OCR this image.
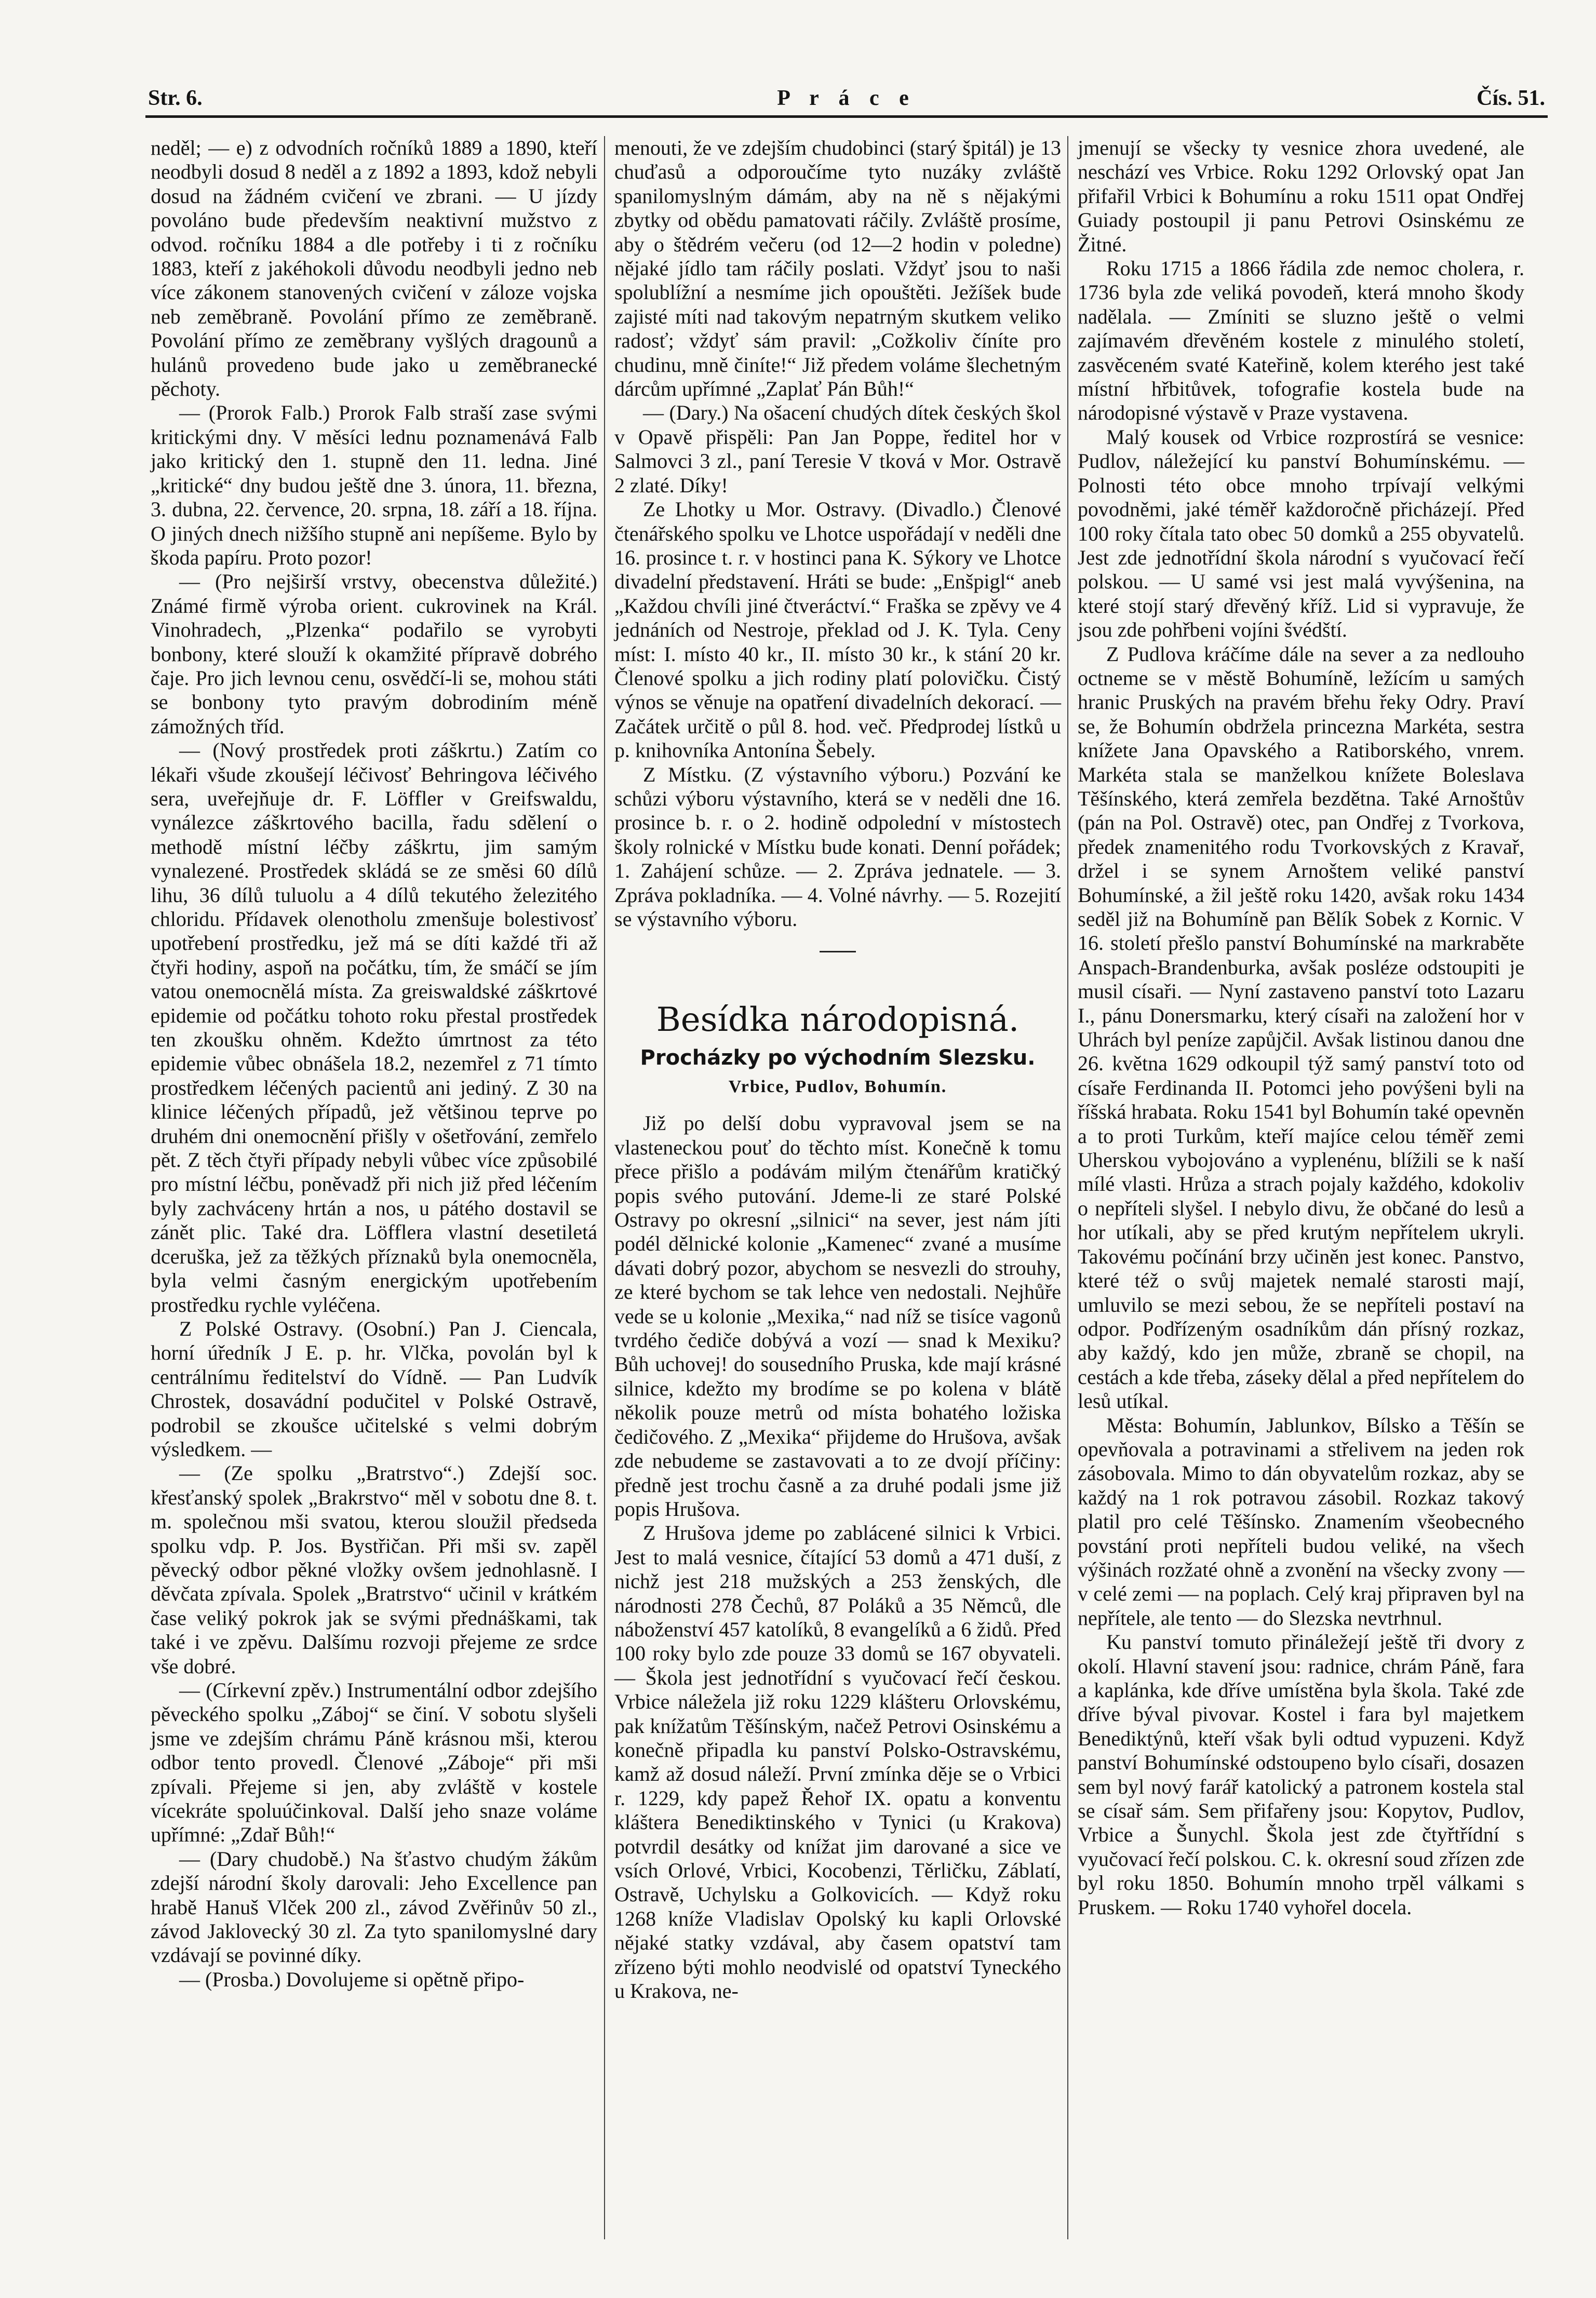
Str. 6.	P r á c e	Čís. 51.

neděl; — e) z odvodních ročníků 1889 a 1890, kteří neodbyli dosud 8 neděl a z 1892 a 1893, kdož nebyli dosud na žádném cvičení ve zbrani. — U jízdy povoláno bude především neaktivní mužstvo z odvod. ročníku 1884 a dle potřeby i ti z ročníku 1883, kteří z jakéhokoli důvodu neodbyli jedno neb více zákonem stanovených cvičení v záloze vojska neb zeměbraně. Povolání přímo ze zeměbraně. Povolání přímo ze zeměbrany vyšlých dragounů a hulánů provedeno bude jako u zeměbranecké pěchoty.

— (Prorok Falb.) Prorok Falb straší zase svými kritickými dny. V měsíci lednu poznamenává Falb jako kritický den 1. stupně den 11. ledna. Jiné „kritické“ dny budou ještě dne 3. února, 11. března, 3. dubna, 22. července, 20. srpna, 18. září a 18. října. O jiných dnech nižšího stupně ani nepíšeme. Bylo by škoda papíru. Proto pozor!

— (Pro nejširší vrstvy, obecenstva důležité.) Známé firmě výroba orient. cukrovinek na Král. Vinohradech, „Plzenka“ podařilo se vyrobyti bonbony, které slouží k okamžité přípravě dobrého čaje. Pro jich levnou cenu, osvědčí-li se, mohou státi se bonbony tyto pravým dobrodiním méně zámožných tříd.

— (Nový prostředek proti záškrtu.) Zatím co lékaři všude zkoušejí léčivosť Behringova léčivého sera, uveřejňuje dr. F. Löffler v Greifswaldu, vynálezce záškrtového bacilla, řadu sdělení o methodě místní léčby záškrtu, jim samým vynalezené. Prostředek skládá se ze směsi 60 dílů lihu, 36 dílů tuluolu a 4 dílů tekutého železitého chloridu. Přídavek olenotholu zmenšuje bolestivosť upotřebení prostředku, jež má se díti každé tři až čtyři hodiny, aspoň na počátku, tím, že smáčí se jím vatou onemocnělá místa. Za greiswaldské záškrtové epidemie od počátku tohoto roku přestal prostředek ten zkoušku ohněm. Kdežto úmrtnost za této epidemie vůbec obnášela 18.2, nezemřel z 71 tímto prostředkem léčených pacientů ani jediný. Z 30 na klinice léčených případů, jež většinou teprve po druhém dni onemocnění přišly v ošetřování, zemřelo pět. Z těch čtyři případy nebyli vůbec více způsobilé pro místní léčbu, poněvadž při nich již před léčením byly zachváceny hrtán a nos, u pátého dostavil se zánět plic. Také dra. Löfflera vlastní desetiletá dceruška, jež za těžkých příznaků byla onemocněla, byla velmi časným energickým upotřebením prostředku rychle vyléčena.

Z Polské Ostravy. (Osobní.) Pan J. Ciencala, horní úředník J E. p. hr. Vlčka, povolán byl k centrálnímu ředitelství do Vídně. — Pan Ludvík Chrostek, dosavádní podučitel v Polské Ostravě, podrobil se zkoušce učitelské s velmi dobrým výsledkem. —

— (Ze spolku „Bratrstvo“.) Zdejší soc. křesťanský spolek „Brakrstvo“ měl v sobotu dne 8. t. m. společnou mši svatou, kterou sloužil předseda spolku vdp. P. Jos. Bystřičan. Při mši sv. zapěl pěvecký odbor pěkné vložky ovšem jednohlasně. I děvčata zpívala. Spolek „Bratrstvo“ učinil v krátkém čase veliký pokrok jak se svými přednáškami, tak také i ve zpěvu. Dalšímu rozvoji přejeme ze srdce vše dobré.

— (Církevní zpěv.) Instrumentální odbor zdejšího pěveckého spolku „Záboj“ se činí. V sobotu slyšeli jsme ve zdejším chrámu Páně krásnou mši, kterou odbor tento provedl. Členové „Záboje“ při mši zpívali. Přejeme si jen, aby zvláště v kostele vícekráte spoluúčinkoval. Další jeho snaze voláme upřímné: „Zdař Bůh!“

— (Dary chudobě.) Na šťastvo chudým žákům zdejší národní školy darovali: Jeho Excellence pan hrabě Hanuš Vlček 200 zl., závod Zvěřinův 50 zl., závod Jaklovecký 30 zl. Za tyto spanilomyslné dary vzdávají se povinné díky.

— (Prosba.) Dovolujeme si opětně připo-

menouti, že ve zdejším chudobinci (starý špitál) je 13 chuďasů a odporoučíme tyto nuzáky zvláště spanilomyslným dámám, aby na ně s nějakými zbytky od obědu pamatovati ráčily. Zvláště prosíme, aby o štědrém večeru (od 12—2 hodin v poledne) nějaké jídlo tam ráčily poslati. Vždyť jsou to naši spolublížní a nesmíme jich opouštěti. Ježíšek bude zajisté míti nad takovým nepatrným skutkem veliko radosť; vždyť sám pravil: „Cožkoliv číníte pro chudinu, mně činíte!“ Již předem voláme šlechetným dárcům upřímné „Zaplať Pán Bůh!“

— (Dary.) Na ošacení chudých dítek českých škol v Opavě přispěli: Pan Jan Poppe, ředitel hor v Salmovci 3 zl., paní Teresie V tková v Mor. Ostravě 2 zlaté. Díky!

Ze Lhotky u Mor. Ostravy. (Divadlo.) Členové čtenářského spolku ve Lhotce uspořádají v neděli dne 16. prosince t. r. v hostinci pana K. Sýkory ve Lhotce divadelní představení. Hráti se bude: „Enšpigl“ aneb „Každou chvíli jiné čtveráctví.“ Fraška se zpěvy ve 4 jednáních od Nestroje, překlad od J. K. Tyla. Ceny míst: I. místo 40 kr., II. místo 30 kr., k stání 20 kr. Členové spolku a jich rodiny platí polovičku. Čistý výnos se věnuje na opatření divadelních dekorací. — Začátek určitě o půl 8. hod. več. Předprodej lístků u p. knihovníka Antonína Šebely.

Z Místku. (Z výstavního výboru.) Pozvání ke schůzi výboru výstavního, která se v neděli dne 16. prosince b. r. o 2. hodině odpolední v místostech školy rolnické v Místku bude konati. Denní pořádek; 1. Zahájení schůze. — 2. Zpráva jednatele. — 3. Zpráva pokladníka. — 4. Volné návrhy. — 5. Rozejití se výstavního výboru.

Besídka národopisná.
Procházky po východním Slezsku.
Vrbice, Pudlov, Bohumín.

Již po delší dobu vypravoval jsem se na vlasteneckou pouť do těchto míst. Konečně k tomu přece přišlo a podávám milým čtenářům kratičký popis svého putování. Jdeme-li ze staré Polské Ostravy po okresní „silnici“ na sever, jest nám jíti podél dělnické kolonie „Kamenec“ zvané a musíme dávati dobrý pozor, abychom se nesvezli do strouhy, ze které bychom se tak lehce ven nedostali. Nejhůře vede se u kolonie „Mexika,“ nad níž se tisíce vagonů tvrdého čediče dobývá a vozí — snad k Mexiku? Bůh uchovej! do sousedního Pruska, kde mají krásné silnice, kdežto my brodíme se po kolena v blátě několik pouze metrů od místa bohatého ložiska čedičového. Z „Mexika“ přijdeme do Hrušova, avšak zde nebudeme se zastavovati a to ze dvojí příčiny: předně jest trochu časně a za druhé podali jsme již popis Hrušova.

Z Hrušova jdeme po zablácené silnici k Vrbici. Jest to malá vesnice, čítající 53 domů a 471 duší, z nichž jest 218 mužských a 253 ženských, dle národnosti 278 Čechů, 87 Poláků a 35 Němců, dle náboženství 457 katolíků, 8 evangelíků a 6 židů. Před 100 roky bylo zde pouze 33 domů se 167 obyvateli. — Škola jest jednotřídní s vyučovací řečí českou. Vrbice náležela již roku 1229 klášteru Orlovskému, pak knížatům Těšínským, načež Petrovi Osinskému a konečně připadla ku panství Polsko-Ostravskému, kamž až dosud náleží. První zmínka děje se o Vrbici r. 1229, kdy papež Řehoř IX. opatu a konventu kláštera Benediktinského v Tynici (u Krakova) potvrdil desátky od knížat jim darované a sice ve vsích Orlové, Vrbici, Kocobenzi, Těrličku, Záblatí, Ostravě, Uchylsku a Golkovicích. — Když roku 1268 kníže Vladislav Opolský ku kapli Orlovské nějaké statky vzdával, aby časem opatství tam zřízeno býti mohlo neodvislé od opatství Tyneckého u Krakova, ne-

jmenují se všecky ty vesnice zhora uvedené, ale neschází ves Vrbice. Roku 1292 Orlovský opat Jan přifařil Vrbici k Bohumínu a roku 1511 opat Ondřej Guiady postoupil ji panu Petrovi Osinskému ze Žitné.

Roku 1715 a 1866 řádila zde nemoc cholera, r. 1736 byla zde veliká povodeň, která mnoho škody nadělala. — Zmíniti se sluzno ještě o velmi zajímavém dřevěném kostele z minulého století, zasvěceném svaté Kateřině, kolem kterého jest také místní hřbitůvek, tofografie kostela bude na národopisné výstavě v Praze vystavena.

Malý kousek od Vrbice rozprostírá se vesnice: Pudlov, náležející ku panství Bohumínskému. — Polnosti této obce mnoho trpívají velkými povodněmi, jaké téměř každoročně přicházejí. Před 100 roky čítala tato obec 50 domků a 255 obyvatelů. Jest zde jednotřídní škola národní s vyučovací řečí polskou. — U samé vsi jest malá vyvýšenina, na které stojí starý dřevěný kříž. Lid si vypravuje, že jsou zde pohřbeni vojíni švédští.

Z Pudlova kráčíme dále na sever a za nedlouho octneme se v městě Bohumíně, ležícím u samých hranic Pruských na pravém břehu řeky Odry. Praví se, že Bohumín obdržela princezna Markéta, sestra knížete Jana Opavského a Ratiborského, vnrem. Markéta stala se manželkou knížete Boleslava Těšínského, která zemřela bezdětna. Také Arnoštův (pán na Pol. Ostravě) otec, pan Ondřej z Tvorkova, předek znamenitého rodu Tvorkovských z Kravař, držel i se synem Arnoštem veliké panství Bohumínské, a žil ještě roku 1420, avšak roku 1434 seděl již na Bohumíně pan Bělík Sobek z Kornic. V 16. století přešlo panství Bohumínské na markraběte Anspach-Brandenburka, avšak posléze odstoupiti je musil císaři. — Nyní zastaveno panství toto Lazaru I., pánu Donersmarku, který císaři na založení hor v Uhrách byl peníze zapůjčil. Avšak listinou danou dne 26. května 1629 odkoupil týž samý panství toto od císaře Ferdinanda II. Potomci jeho povýšeni byli na říšská hrabata. Roku 1541 byl Bohumín také opevněn a to proti Turkům, kteří majíce celou téměř zemi Uherskou vybojováno a vyplenénu, blížili se k naší mílé vlasti. Hrůza a strach pojaly každého, kdokoliv o nepříteli slyšel. I nebylo divu, že občané do lesů a hor utíkali, aby se před krutým nepřítelem ukryli. Takovému počínání brzy učiněn jest konec. Panstvo, které též o svůj majetek nemalé starosti mají, umluvilo se mezi sebou, že se nepříteli postaví na odpor. Podřízeným osadníkům dán přísný rozkaz, aby každý, kdo jen může, zbraně se chopil, na cestách a kde třeba, záseky dělal a před nepřítelem do lesů utíkal.

Města: Bohumín, Jablunkov, Bílsko a Těšín se opevňovala a potravinami a střelivem na jeden rok zásobovala. Mimo to dán obyvatelům rozkaz, aby se každý na 1 rok potravou zásobil. Rozkaz takový platil pro celé Těšínsko. Znamením všeobecného povstání proti nepříteli budou veliké, na všech výšinách rozžaté ohně a zvonění na všecky zvony — v celé zemi — na poplach. Celý kraj připraven byl na nepřítele, ale tento — do Slezska nevtrhnul.

Ku panství tomuto přináležejí ještě tři dvory z okolí. Hlavní stavení jsou: radnice, chrám Páně, fara a kaplánka, kde dříve umístěna byla škola. Také zde dříve býval pivovar. Kostel i fara byl majetkem Benediktýnů, kteří však byli odtud vypuzeni. Když panství Bohumínské odstoupeno bylo císaři, dosazen sem byl nový farář katolický a patronem kostela stal se císař sám. Sem přifařeny jsou: Kopytov, Pudlov, Vrbice a Šunychl. Škola jest zde čtyřtřídní s vyučovací řečí polskou. C. k. okresní soud zřízen zde byl roku 1850. Bohumín mnoho trpěl válkami s Pruskem. — Roku 1740 vyhořel docela.
